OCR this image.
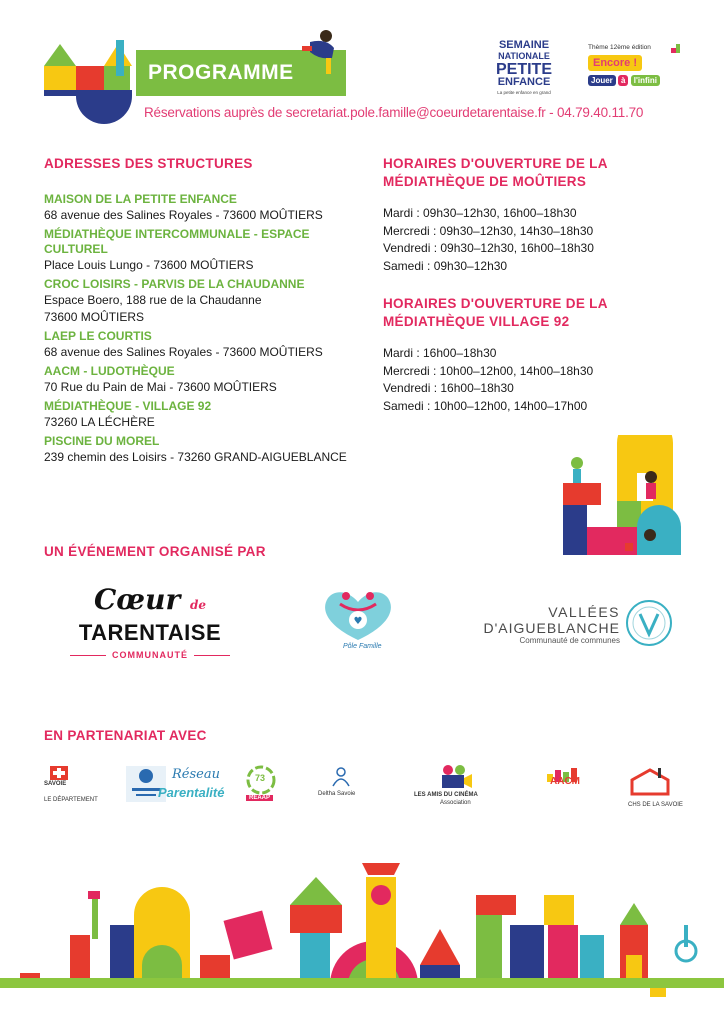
PROGRAMME
Réservations auprès de secretariat.pole.famille@coeurdetarentaise.fr - 04.79.40.11.70
SEMAINE
NATIONALE
PETITE
ENFANCE
La petite enfance en grand
Thème 12ème édition
Encore !
Jouer à l'infini
ADRESSES DES STRUCTURES
MAISON DE LA PETITE ENFANCE
68 avenue des Salines Royales - 73600 MOÛTIERS
MÉDIATHÈQUE INTERCOMMUNALE - ESPACE CULTUREL
Place Louis Lungo - 73600 MOÛTIERS
CROC LOISIRS - PARVIS DE LA CHAUDANNE
Espace Boero, 188 rue de la Chaudanne
73600 MOÛTIERS
LAEP LE COURTIS
68 avenue des Salines Royales - 73600 MOÛTIERS
AACM - LUDOTHÈQUE
70 Rue du Pain de Mai - 73600 MOÛTIERS
MÉDIATHÈQUE - VILLAGE 92
73260 LA LÉCHÈRE
PISCINE DU MOREL
239 chemin des Loisirs - 73260 GRAND-AIGUEBLANCE
HORAIRES D'OUVERTURE DE LA
MÉDIATHÈQUE DE MOÛTIERS
Mardi : 09h30–12h30, 16h00–18h30
Mercredi : 09h30–12h30, 14h30–18h30
Vendredi : 09h30–12h30, 16h00–18h30
Samedi : 09h30–12h30
HORAIRES D'OUVERTURE DE LA
MÉDIATHÈQUE VILLAGE 92
Mardi : 16h00–18h30
Mercredi : 10h00–12h00, 14h00–18h30
Vendredi : 16h00–18h30
Samedi : 10h00–12h00, 14h00–17h00
UN ÉVÉNEMENT ORGANISÉ PAR
Cœur de
TARENTAISE
COMMUNAUTÉ
♥
Pôle Famille
VALLÉES
D'AIGUEBLANCHE
Communauté de communes
EN PARTENARIAT AVEC
SAVOIE
LE DÉPARTEMENT
Réseau
Parentalité
73
REAAP
Deltha Savoie	LES AMIS DU CINÉMA
Association
AACM
CHS DE LA SAVOIE
